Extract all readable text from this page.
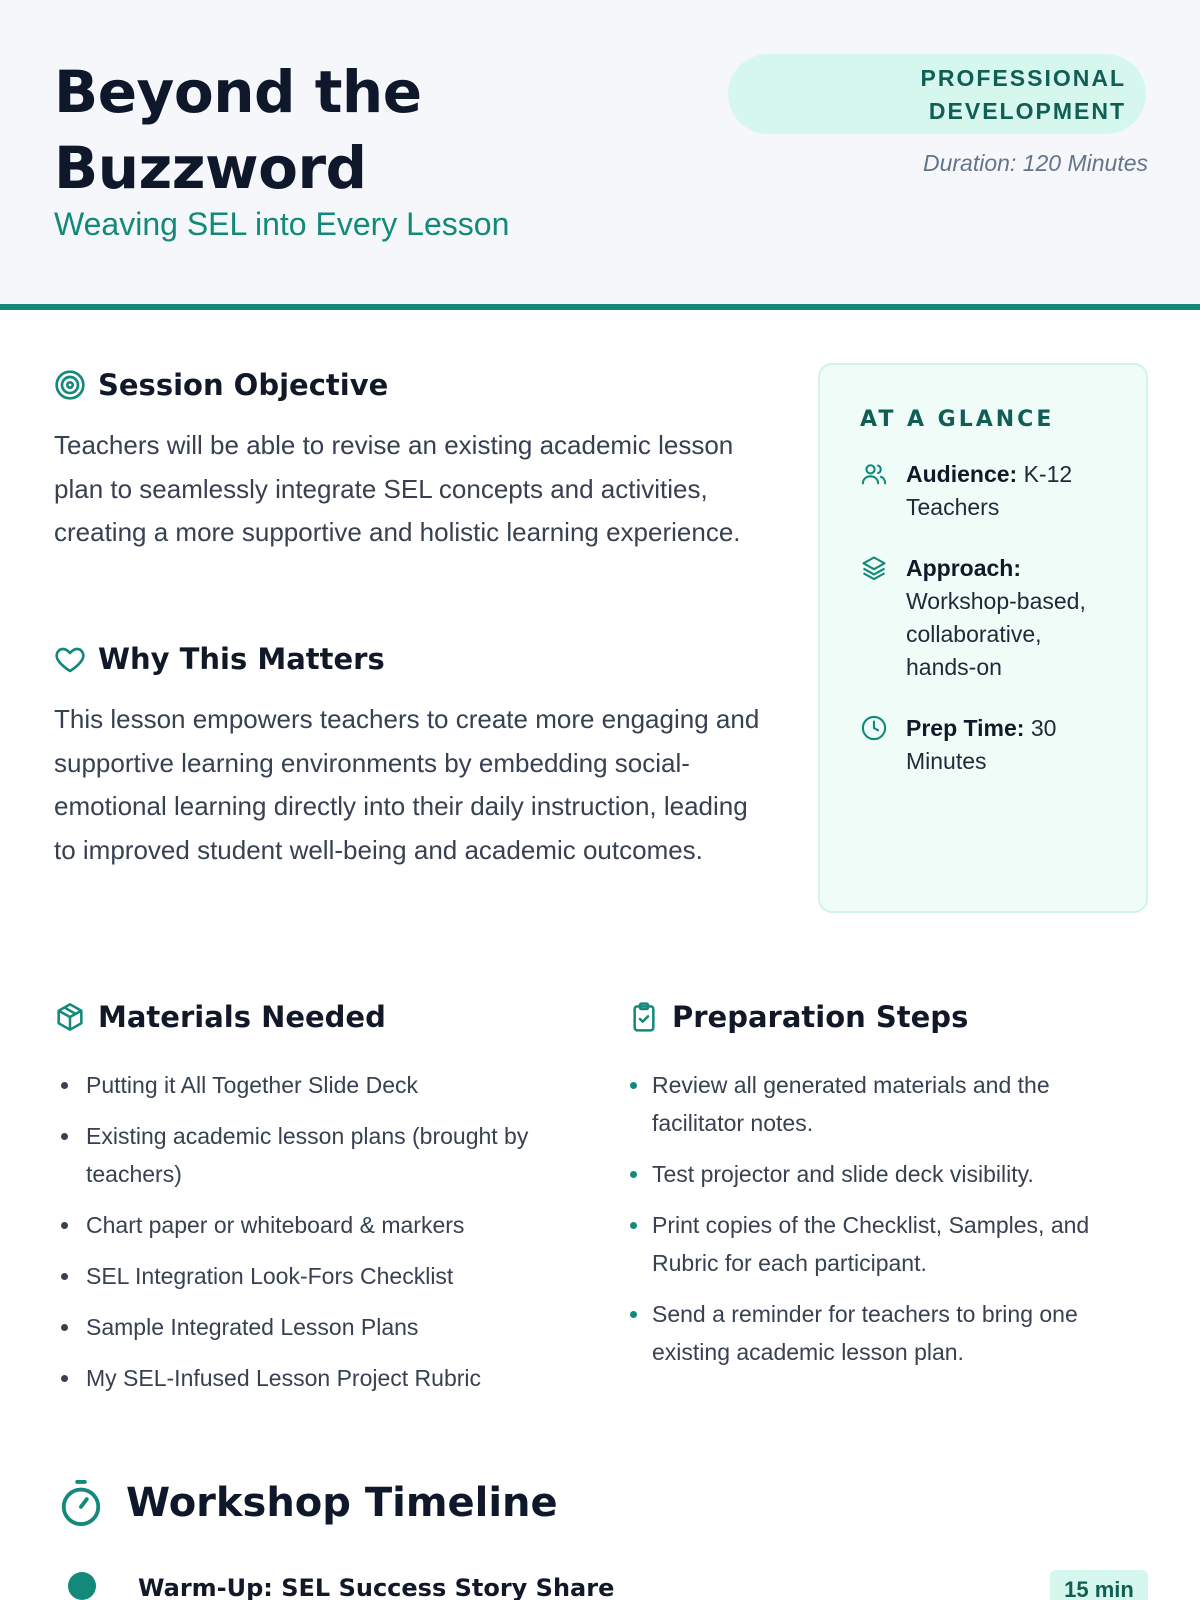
Beyond the Buzzword
Weaving SEL into Every Lesson
PROFESSIONAL DEVELOPMENT
Duration: 120 Minutes
Session Objective

Teachers will be able to revise an existing academic lesson plan to seamlessly integrate SEL concepts and activities, creating a more supportive and holistic learning experience.

Why This Matters

This lesson empowers teachers to create more engaging and supportive learning environments by embedding social-emotional learning directly into their daily instruction, leading to improved student well-being and academic outcomes.

AT A GLANCE
Audience: K-12 Teachers
Approach: Workshop-based, collaborative, hands-on
Prep Time: 30 Minutes
Materials Needed
Putting it All Together Slide Deck
Existing academic lesson plans (brought by teachers)
Chart paper or whiteboard & markers
SEL Integration Look-Fors Checklist
Sample Integrated Lesson Plans
My SEL-Infused Lesson Project Rubric
Preparation Steps
Review all generated materials and the facilitator notes.
Test projector and slide deck visibility.
Print copies of the Checklist, Samples, and Rubric for each participant.
Send a reminder for teachers to bring one existing academic lesson plan.
Workshop Timeline
Warm-Up: SEL Success Story Share	15 min
